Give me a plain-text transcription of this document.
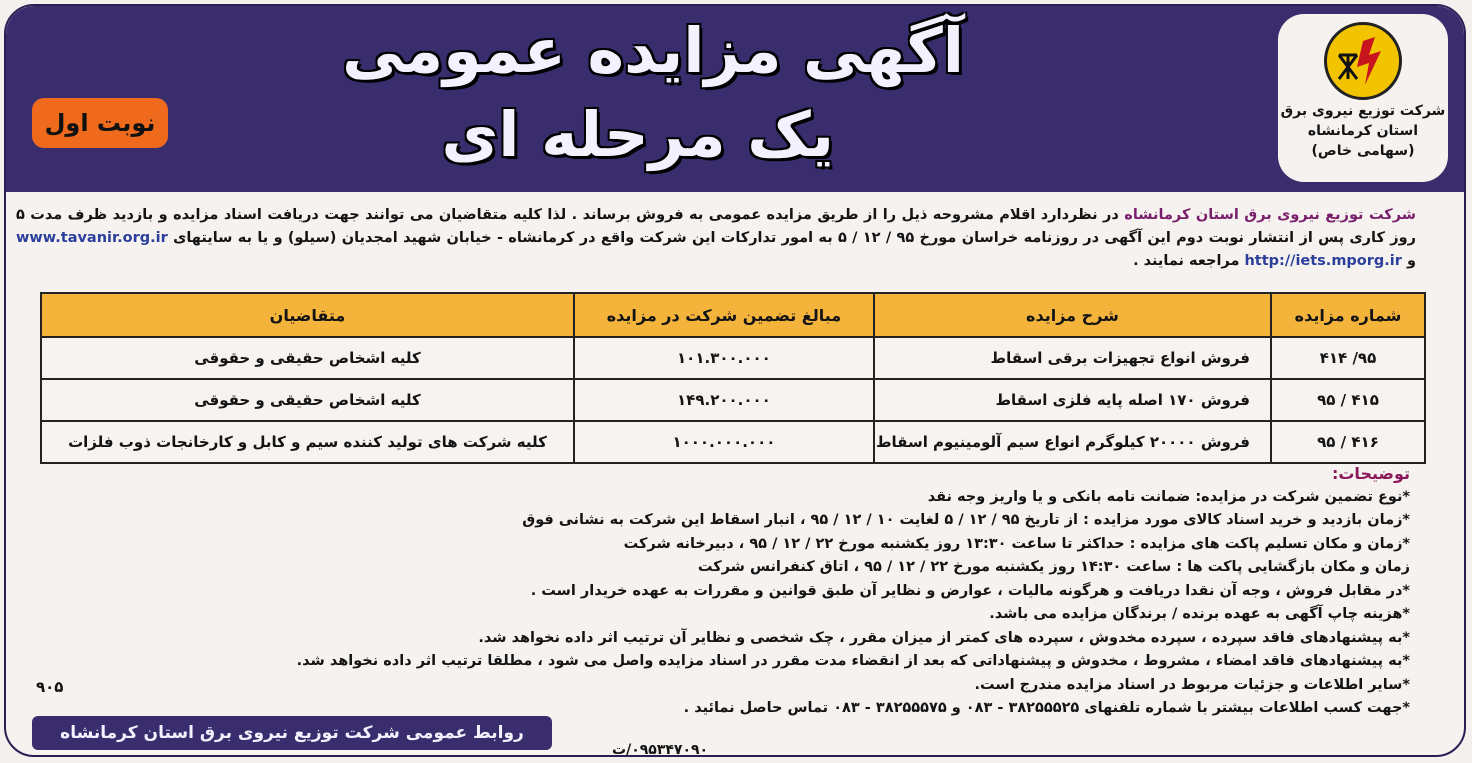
شرکت توزیع نیروی برق
استان کرمانشاه
(سهامی خاص)
آگهی مزایده عمومی
یک مرحله ای
نوبت اول
شرکت توزیع نیروی برق استان کرمانشاه در نظردارد اقلام مشروحه ذیل را از طریق مزایده عمومی به فروش برساند . لذا کلیه متقاضیان می توانند جهت دریافت اسناد مزایده و بازدید ظرف مدت ۵ روز کاری پس از انتشار نوبت دوم این آگهی در روزنامه خراسان مورخ ۹۵ / ۱۲ / ۵ به امور تدارکات این شرکت واقع در کرمانشاه - خیابان شهید امجدیان (سیلو) و یا به سایتهای www.tavanir.org.ir و http://iets.mporg.ir مراجعه نمایند .
شماره مزایده	شرح مزایده	مبالغ تضمین شرکت در مزایده	متقاضیان
۹۵/ ۴۱۴	فروش انواع تجهیزات برقی اسقاط	۱۰۱.۳۰۰.۰۰۰	کلیه اشخاص حقیقی و حقوقی
۴۱۵ / ۹۵	فروش ۱۷۰ اصله پایه فلزی اسقاط	۱۴۹.۲۰۰.۰۰۰	کلیه اشخاص حقیقی و حقوقی
۴۱۶ / ۹۵	فروش ۲۰۰۰۰ کیلوگرم انواع سیم آلومینیوم اسقاط	۱۰۰۰.۰۰۰.۰۰۰	کلیه شرکت های تولید کننده سیم و کابل و کارخانجات ذوب فلزات
توضیحات:
*نوع تضمین شرکت در مزایده: ضمانت نامه بانکی و یا واریز وجه نقد
*زمان بازدید و خرید اسناد کالای مورد مزایده : از تاریخ ۹۵ / ۱۲ / ۵ لغایت ۱۰ / ۱۲ / ۹۵ ، انبار اسقاط این شرکت به نشانی فوق
*زمان و مکان تسلیم پاکت های مزایده : حداکثر تا ساعت ۱۳:۳۰ روز یکشنبه مورخ ۲۲ / ۱۲ / ۹۵ ، دبیرخانه شرکت
زمان و مکان بازگشایی پاکت ها : ساعت ۱۴:۳۰ روز یکشنبه مورخ ۲۲ / ۱۲ / ۹۵ ، اتاق کنفرانس شرکت
*در مقابل فروش ، وجه آن نقدا دریافت و هرگونه مالیات ، عوارض و نظایر آن طبق قوانین و مقررات به عهده خریدار است .
*هزینه چاپ آگهی به عهده برنده / برندگان مزایده می باشد.
*به پیشنهادهای فاقد سپرده ، سپرده مخدوش ، سپرده های کمتر از میزان مقرر ، چک شخصی و نظایر آن ترتیب اثر داده نخواهد شد.
*به پیشنهادهای فاقد امضاء ، مشروط ، مخدوش و پیشنهاداتی که بعد از انقضاء مدت مقرر در اسناد مزایده واصل می شود ، مطلقا ترتیب اثر داده نخواهد شد.
*سایر اطلاعات و جزئیات مربوط در اسناد مزایده مندرج است.
*جهت کسب اطلاعات بیشتر با شماره تلفنهای ۳۸۲۵۵۵۲۵ - ۰۸۳ و ۳۸۲۵۵۵۷۵ - ۰۸۳ تماس حاصل نمائید .
۹۰۵
روابط عمومی شرکت توزیع نیروی برق استان کرمانشاه
۰۹۵۳۴۷۰۹۰/ت
